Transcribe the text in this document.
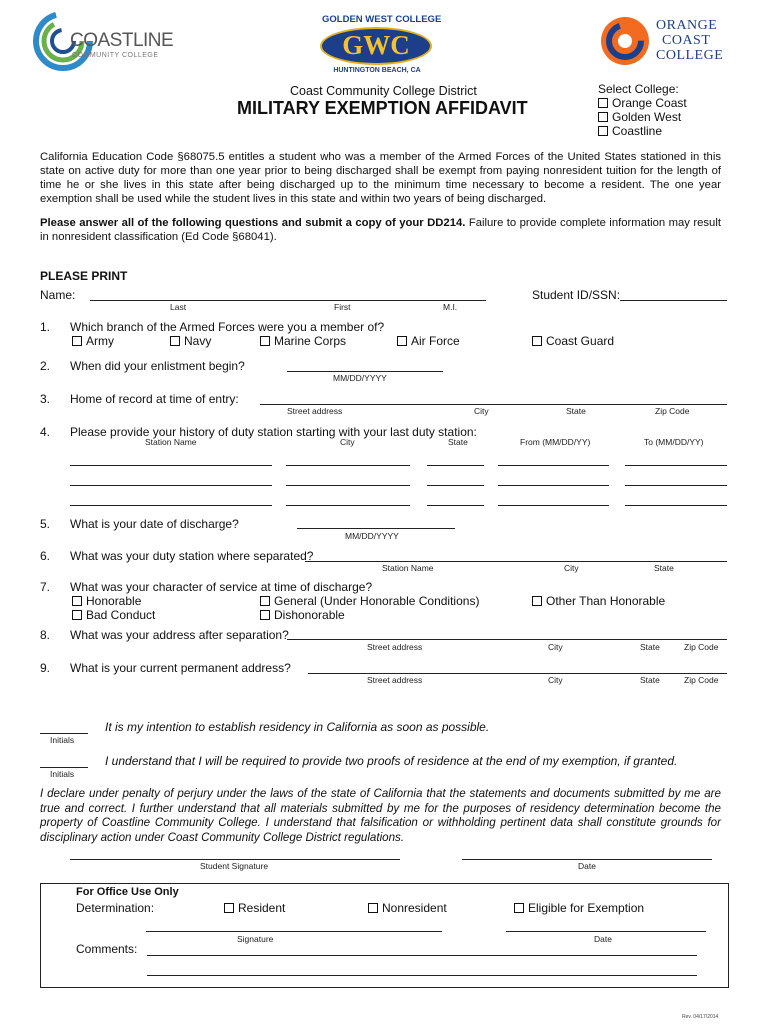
COASTLINE
COMMUNITY COLLEGE
GOLDEN WEST COLLEGE
GWC
HUNTINGTON BEACH, CA
ORANGE
COAST
COLLEGE
Coast Community College District
MILITARY EXEMPTION AFFIDAVIT
Select College:
Orange Coast
Golden West
Coastline
California Education Code §68075.5 entitles a student who was a member of the Armed Forces of the United States stationed in this state on active duty for more than one year prior to being discharged shall be exempt from paying nonresident tuition for the length of time he or she lives in this state after being discharged up to the minimum time necessary to become a resident. The one year exemption shall be used while the student lives in this state and within two years of being discharged.
Please answer all of the following questions and submit a copy of your DD214. Failure to provide complete information may result in nonresident classification (Ed Code §68041).
PLEASE PRINT
Name:
Last	First	M.I.
Student ID/SSN:
1. Which branch of the Armed Forces were you a member of?
Army	Navy	Marine Corps	Air Force	Coast Guard
2. When did your enlistment begin?
MM/DD/YYYY
3. Home of record at time of entry:
Street address	City	State	Zip Code
4. Please provide your history of duty station starting with your last duty station:
Station Name	City	State	From (MM/DD/YY)	To (MM/DD/YY)
5. What is your date of discharge?
MM/DD/YYYY
6. What was your duty station where separated?
Station Name	City	State
7. What was your character of service at time of discharge?
Honorable
Bad Conduct
General (Under Honorable Conditions)
Dishonorable
Other Than Honorable
8. What was your address after separation?
Street address	City	State	Zip Code
9. What is your current permanent address?
Street address	City	State	Zip Code
Initials
It is my intention to establish residency in California as soon as possible.
Initials
I understand that I will be required to provide two proofs of residence at the end of my exemption, if granted.
I declare under penalty of perjury under the laws of the state of California that the statements and documents submitted by me are true and correct. I further understand that all materials submitted by me for the purposes of residency determination become the property of Coastline Community College. I understand that falsification or withholding pertinent data shall constitute grounds for disciplinary action under Coast Community College District regulations.
Student Signature	Date
For Office Use Only
Determination:	Resident	Nonresident	Eligible for Exemption
Signature	Date
Comments:
Rev. 04/17/2014
